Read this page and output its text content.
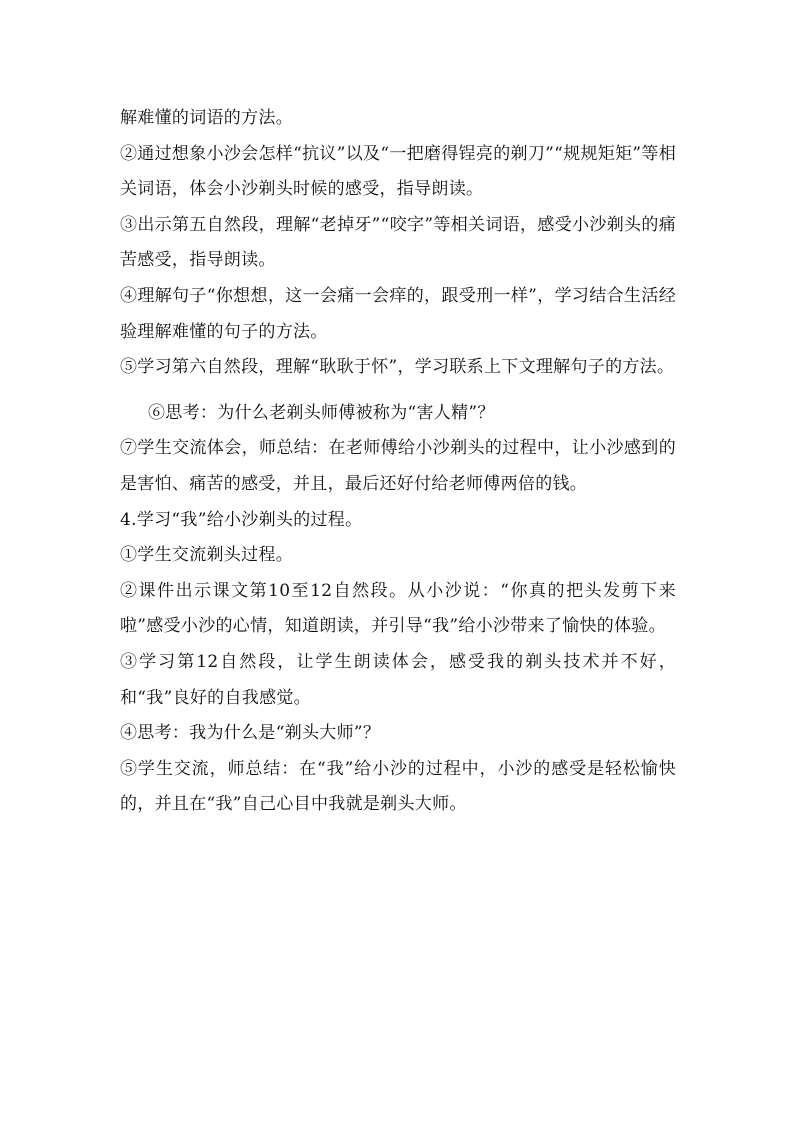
解难懂的词语的方法。

②通过想象小沙会怎样“抗议”以及“一把磨得锃亮的剃刀”“规规矩矩”等相关词语，体会小沙剃头时候的感受，指导朗读。

③出示第五自然段，理解“老掉牙”“咬字”等相关词语，感受小沙剃头的痛苦感受，指导朗读。

④理解句子“你想想，这一会痛一会痒的，跟受刑一样”，学习结合生活经验理解难懂的句子的方法。

⑤学习第六自然段，理解“耿耿于怀”，学习联系上下文理解句子的方法。

⑥思考：为什么老剃头师傅被称为“害人精”？

⑦学生交流体会，师总结：在老师傅给小沙剃头的过程中，让小沙感到的是害怕、痛苦的感受，并且，最后还好付给老师傅两倍的钱。

4.学习“我”给小沙剃头的过程。

①学生交流剃头过程。

②课件出示课文第10至12自然段。从小沙说：“你真的把头发剪下来啦”感受小沙的心情，知道朗读，并引导“我”给小沙带来了愉快的体验。

③学习第12自然段，让学生朗读体会，感受我的剃头技术并不好，和“我”良好的自我感觉。

④思考：我为什么是“剃头大师”？

⑤学生交流，师总结：在“我”给小沙的过程中，小沙的感受是轻松愉快的，并且在“我”自己心目中我就是剃头大师。
